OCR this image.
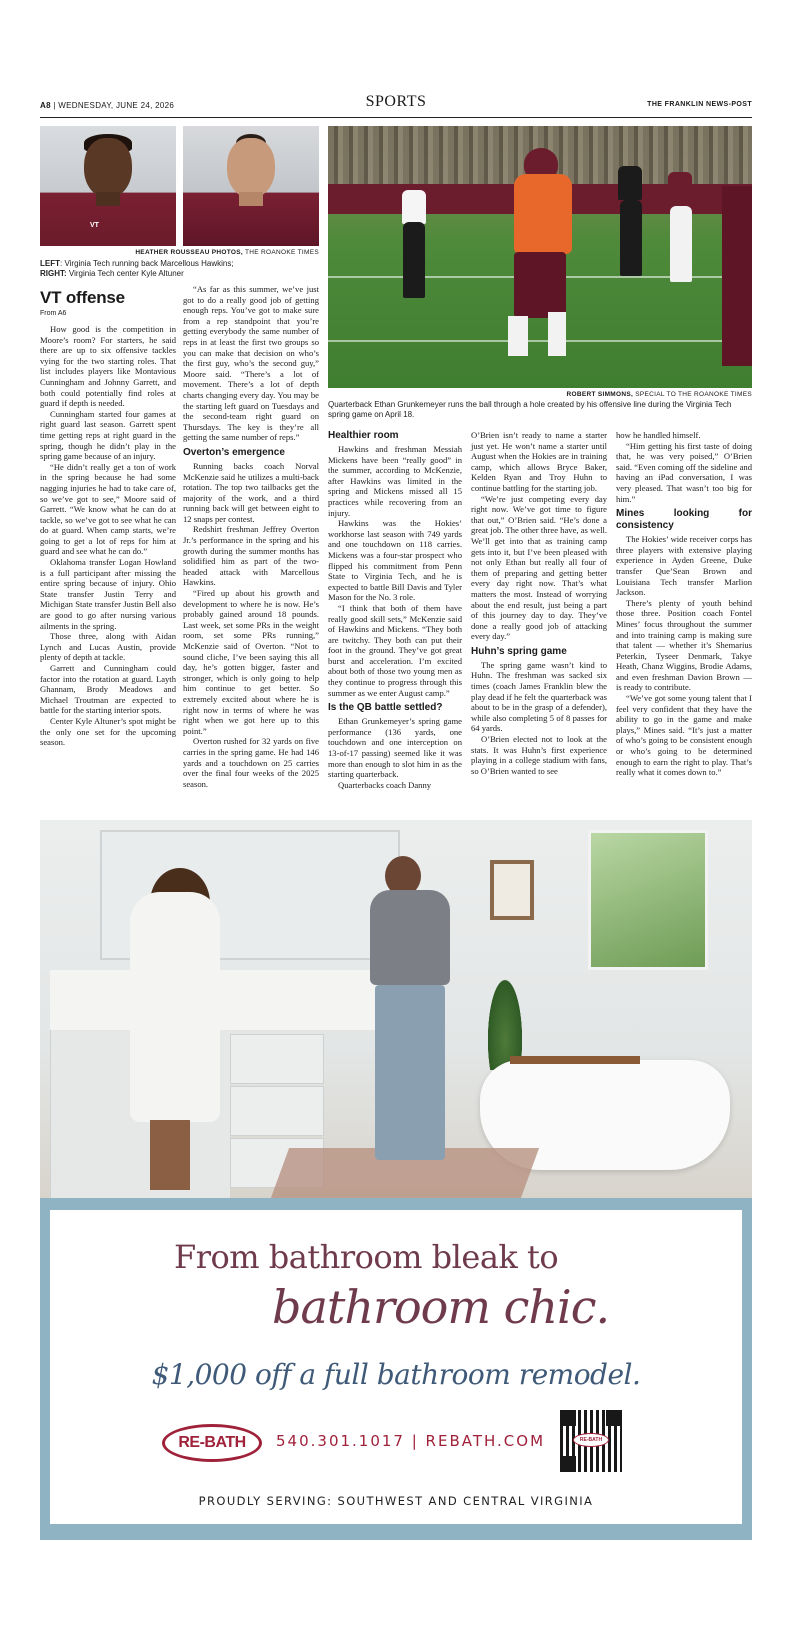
A8 | WEDNESDAY, JUNE 24, 2026	SPORTS	THE FRANKLIN NEWS-POST
VT
HEATHER ROUSSEAU PHOTOS, THE ROANOKE TIMES
LEFT: Virginia Tech running back Marcellous Hawkins;
RIGHT: Virginia Tech center Kyle Altuner
ROBERT SIMMONS, SPECIAL TO THE ROANOKE TIMES
Quarterback Ethan Grunkemeyer runs the ball through a hole created by his offensive line during the Virginia Tech spring game on April 18.
VT offense
From A6

How good is the competition in Moore’s room? For starters, he said there are up to six offensive tackles vying for the two starting roles. That list includes players like Montavious Cunningham and Johnny Garrett, and both could potentially find roles at guard if depth is needed.

Cunningham started four games at right guard last season. Garrett spent time getting reps at right guard in the spring, though he didn’t play in the spring game because of an injury.

“He didn’t really get a ton of work in the spring because he had some nagging injuries he had to take care of, so we’ve got to see,” Moore said of Garrett. “We know what he can do at tackle, so we’ve got to see what he can do at guard. When camp starts, we’re going to get a lot of reps for him at guard and see what he can do.”

Oklahoma transfer Logan Howland is a full participant after missing the entire spring because of injury. Ohio State transfer Justin Terry and Michigan State transfer Justin Bell also are good to go after nursing various ailments in the spring.

Those three, along with Aidan Lynch and Lucas Austin, provide plenty of depth at tackle.

Garrett and Cunningham could factor into the rotation at guard. Layth Ghannam, Brody Meadows and Michael Troutman are expected to battle for the starting interior spots.

Center Kyle Altuner’s spot might be the only one set for the upcoming season.

“As far as this summer, we’ve just got to do a really good job of getting enough reps. You’ve got to make sure from a rep standpoint that you’re getting everybody the same number of reps in at least the first two groups so you can make that decision on who’s the first guy, who’s the second guy,” Moore said. “There’s a lot of movement. There’s a lot of depth charts changing every day. You may be the starting left guard on Tuesdays and the second-team right guard on Thursdays. The key is they’re all getting the same number of reps.”

Overton’s emergence

Running backs coach Norval McKenzie said he utilizes a multi-back rotation. The top two tailbacks get the majority of the work, and a third running back will get between eight to 12 snaps per contest.

Redshirt freshman Jeffrey Overton Jr.’s performance in the spring and his growth during the summer months has solidified him as part of the two-headed attack with Marcellous Hawkins.

“Fired up about his growth and development to where he is now. He’s probably gained around 18 pounds. Last week, set some PRs in the weight room, set some PRs running,” McKenzie said of Overton. “Not to sound cliche, I’ve been saying this all day, he’s gotten bigger, faster and stronger, which is only going to help him continue to get better. So extremely excited about where he is right now in terms of where he was right when we got here up to this point.”

Overton rushed for 32 yards on five carries in the spring game. He had 146 yards and a touchdown on 25 carries over the final four weeks of the 2025 season.

Healthier room

Hawkins and freshman Messiah Mickens have been “really good” in the summer, according to McKenzie, after Hawkins was limited in the spring and Mickens missed all 15 practices while recovering from an injury.

Hawkins was the Hokies’ workhorse last season with 749 yards and one touchdown on 118 carries. Mickens was a four-star prospect who flipped his commitment from Penn State to Virginia Tech, and he is expected to battle Bill Davis and Tyler Mason for the No. 3 role.

“I think that both of them have really good skill sets,” McKenzie said of Hawkins and Mickens. “They both are twitchy. They both can put their foot in the ground. They’ve got great burst and acceleration. I’m excited about both of those two young men as they continue to progress through this summer as we enter August camp.”

Is the QB battle settled?

Ethan Grunkemeyer’s spring game performance (136 yards, one touchdown and one interception on 13-of-17 passing) seemed like it was more than enough to slot him in as the starting quarterback.

Quarterbacks coach Danny

O’Brien isn’t ready to name a starter just yet. He won’t name a starter until August when the Hokies are in training camp, which allows Bryce Baker, Kelden Ryan and Troy Huhn to continue battling for the starting job.

“We’re just competing every day right now. We’ve got time to figure that out,” O’Brien said. “He’s done a great job. The other three have, as well. We’ll get into that as training camp gets into it, but I’ve been pleased with not only Ethan but really all four of them of preparing and getting better every day right now. That’s what matters the most. Instead of worrying about the end result, just being a part of this journey day to day. They’ve done a really good job of attacking every day.”

Huhn’s spring game

The spring game wasn’t kind to Huhn. The freshman was sacked six times (coach James Franklin blew the play dead if he felt the quarterback was about to be in the grasp of a defender), while also completing 5 of 8 passes for 64 yards.

O’Brien elected not to look at the stats. It was Huhn’s first experience playing in a college stadium with fans, so O’Brien wanted to see

how he handled himself.

“Him getting his first taste of doing that, he was very poised,” O’Brien said. “Even coming off the sideline and having an iPad conversation, I was very pleased. That wasn’t too big for him.”

Mines looking for consistency

The Hokies’ wide receiver corps has three players with extensive playing experience in Ayden Greene, Duke transfer Que’Sean Brown and Louisiana Tech transfer Marlion Jackson.

There’s plenty of youth behind those three. Position coach Fontel Mines’ focus throughout the summer and into training camp is making sure that talent — whether it’s Shemarius Peterkin, Tyseer Denmark, Takye Heath, Chanz Wiggins, Brodie Adams, and even freshman Davion Brown — is ready to contribute.

“We’ve got some young talent that I feel very confident that they have the ability to go in the game and make plays,” Mines said. “It’s just a matter of who’s going to be consistent enough or who’s going to be determined enough to earn the right to play. That’s really what it comes down to.”

From bathroom bleak to
bathroom chic.
$1,000 off a full bathroom remodel.
RE-BATH	540.301.1017 | REBATH.COM	RE-BATH
PROUDLY SERVING: SOUTHWEST AND CENTRAL VIRGINIA
